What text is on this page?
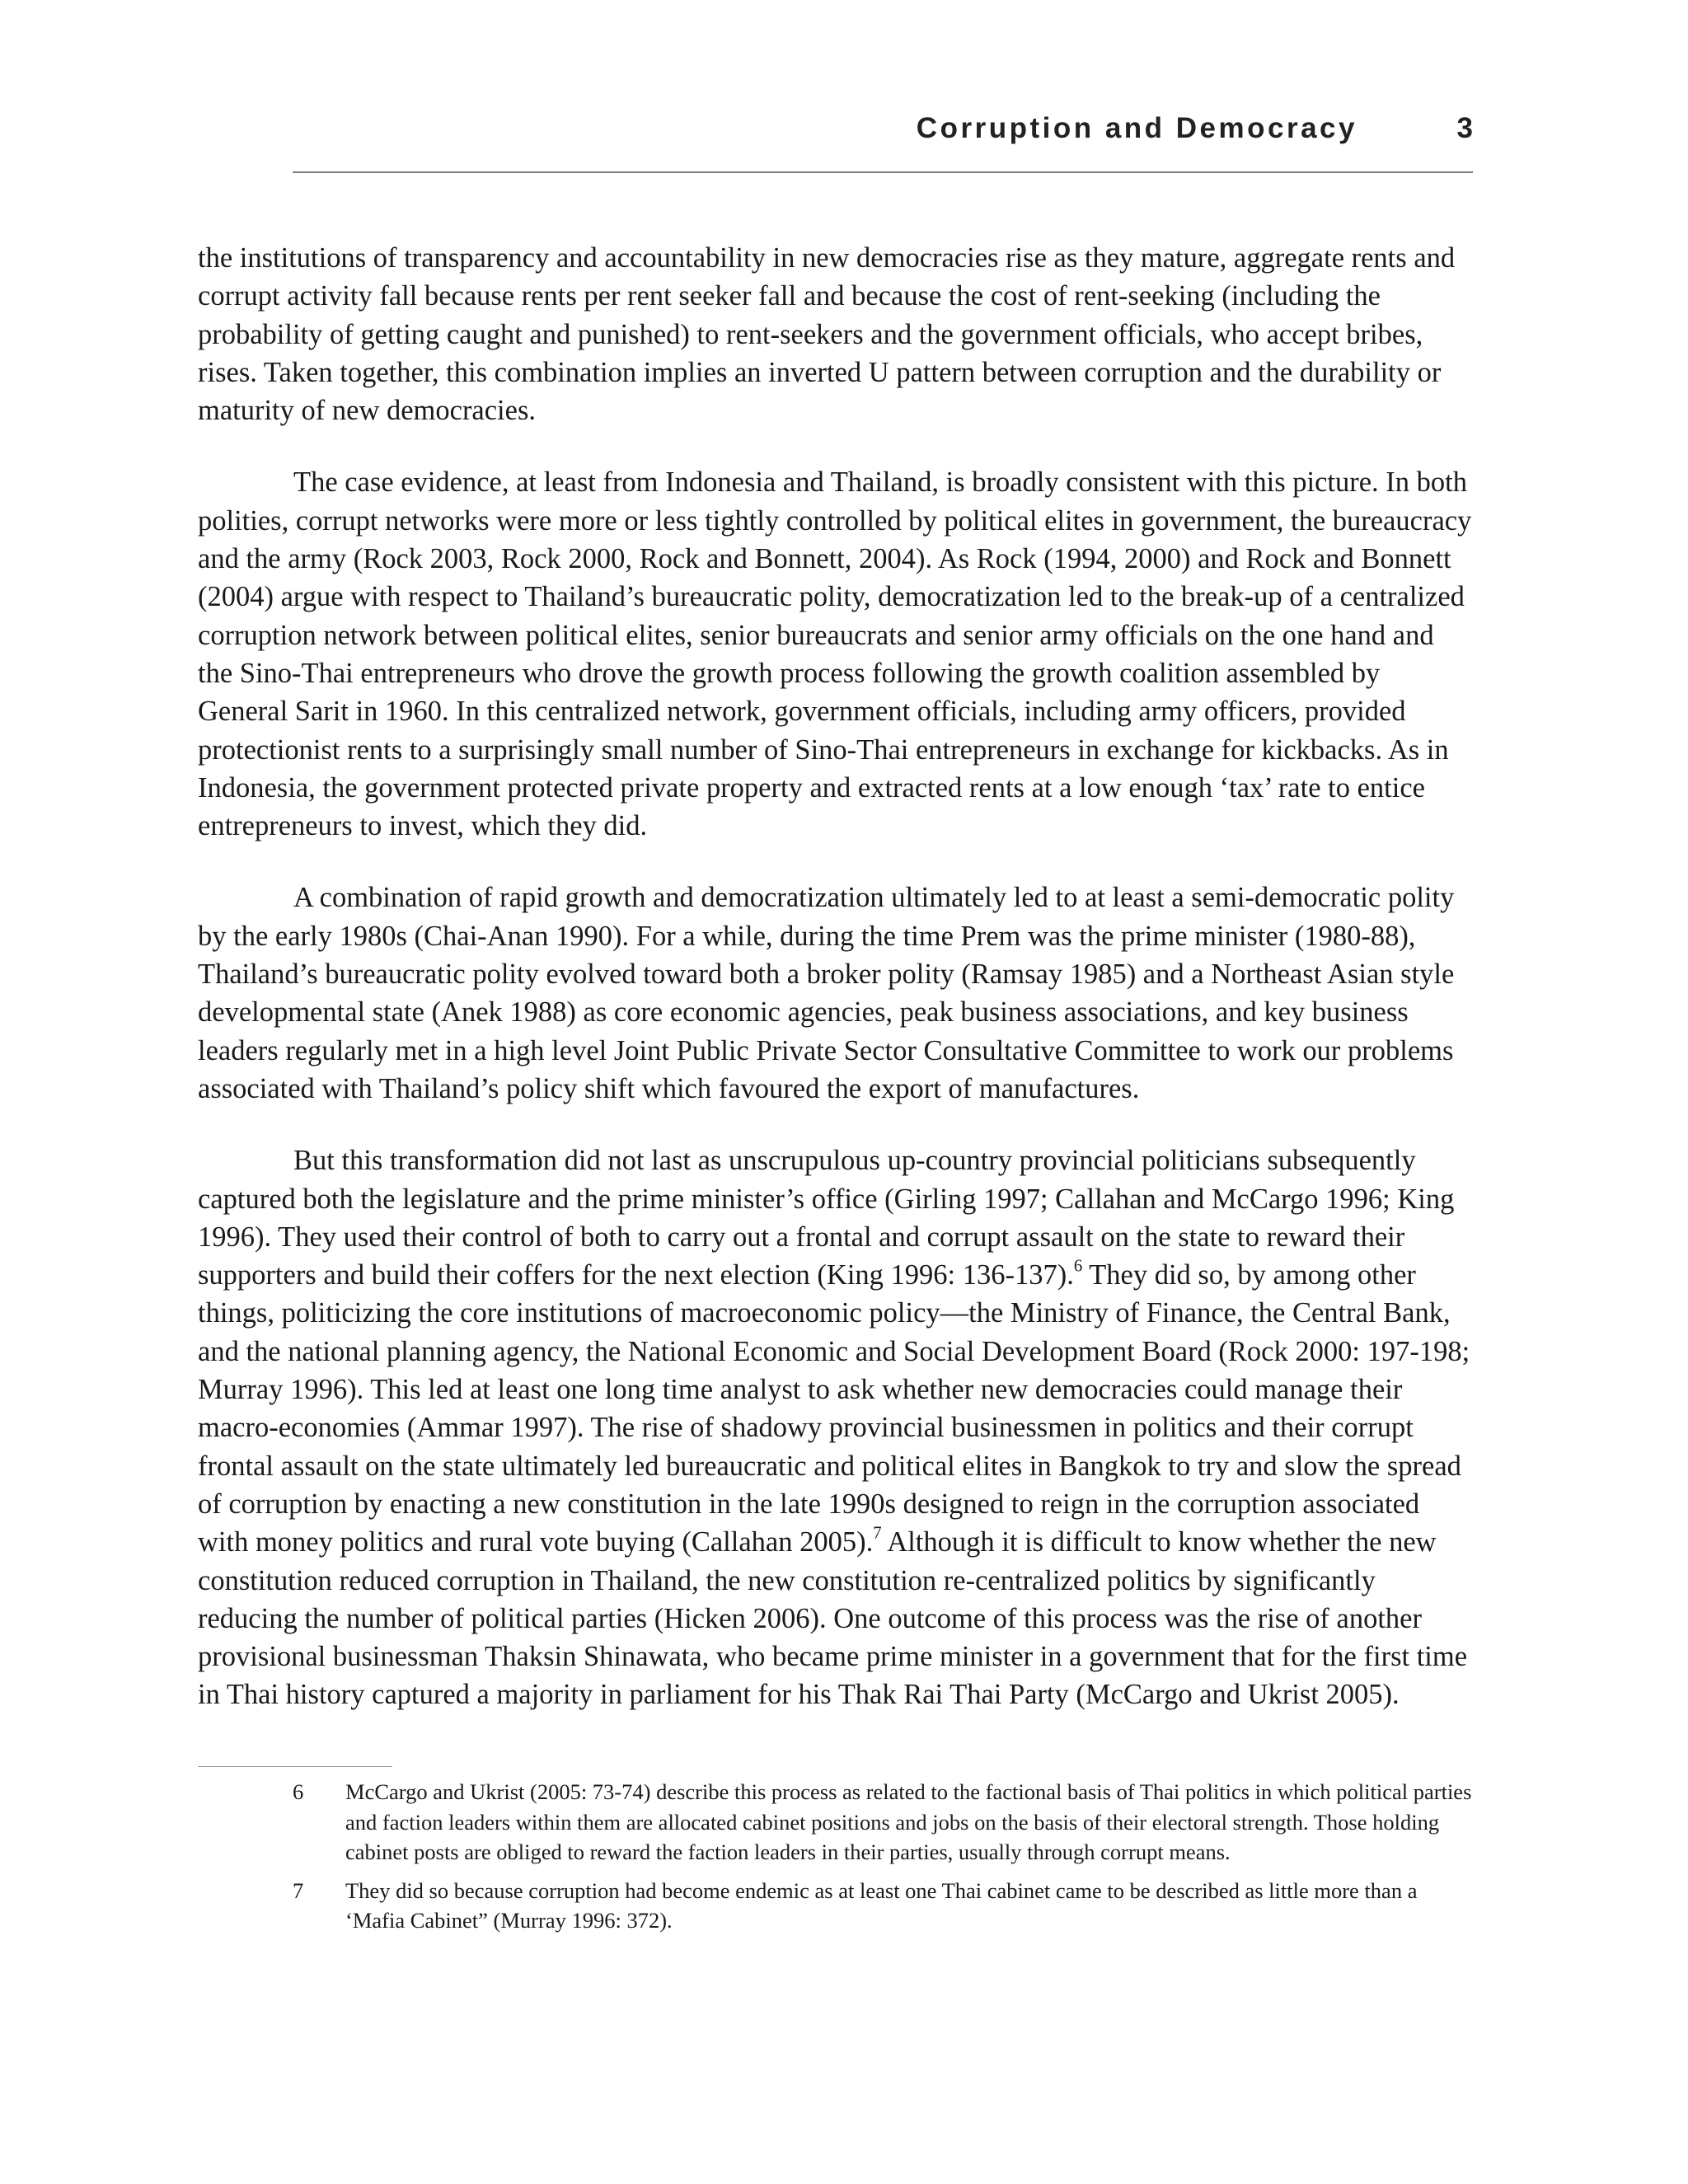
Corruption and Democracy	3

the institutions of transparency and accountability in new democracies rise as they mature, aggregate rents and corrupt activity fall because rents per rent seeker fall and because the cost of rent-seeking (including the probability of getting caught and punished) to rent-seekers and the government officials, who accept bribes, rises. Taken together, this combination implies an inverted U pattern between corruption and the durability or maturity of new democracies.

The case evidence, at least from Indonesia and Thailand, is broadly consistent with this picture. In both polities, corrupt networks were more or less tightly controlled by political elites in government, the bureaucracy and the army (Rock 2003, Rock 2000, Rock and Bonnett, 2004). As Rock (1994, 2000) and Rock and Bonnett (2004) argue with respect to Thailand’s bureaucratic polity, democratization led to the break-up of a centralized corruption network between political elites, senior bureaucrats and senior army officials on the one hand and the Sino-Thai entrepreneurs who drove the growth process following the growth coalition assembled by General Sarit in 1960. In this centralized network, government officials, including army officers, provided protectionist rents to a surprisingly small number of Sino-Thai entrepreneurs in exchange for kickbacks. As in Indonesia, the government protected private property and extracted rents at a low enough ‘tax’ rate to entice entrepreneurs to invest, which they did.

A combination of rapid growth and democratization ultimately led to at least a semi-democratic polity by the early 1980s (Chai-Anan 1990). For a while, during the time Prem was the prime minister (1980-88), Thailand’s bureaucratic polity evolved toward both a broker polity (Ramsay 1985) and a Northeast Asian style developmental state (Anek 1988) as core economic agencies, peak business associations, and key business leaders regularly met in a high level Joint Public Private Sector Consultative Committee to work our problems associated with Thailand’s policy shift which favoured the export of manufactures.

But this transformation did not last as unscrupulous up-country provincial politicians subsequently captured both the legislature and the prime minister’s office (Girling 1997; Callahan and McCargo 1996; King 1996). They used their control of both to carry out a frontal and corrupt assault on the state to reward their supporters and build their coffers for the next election (King 1996: 136-137).$^6$ They did so, by among other things, politicizing the core institutions of macroeconomic policy—the Ministry of Finance, the Central Bank, and the national planning agency, the National Economic and Social Development Board (Rock 2000: 197-198; Murray 1996). This led at least one long time analyst to ask whether new democracies could manage their macro-economies (Ammar 1997). The rise of shadowy provincial businessmen in politics and their corrupt frontal assault on the state ultimately led bureaucratic and political elites in Bangkok to try and slow the spread of corruption by enacting a new constitution in the late 1990s designed to reign in the corruption associated with money politics and rural vote buying (Callahan 2005).$^7$ Although it is difficult to know whether the new constitution reduced corruption in Thailand, the new constitution re-centralized politics by significantly reducing the number of political parties (Hicken 2006). One outcome of this process was the rise of another provisional businessman Thaksin Shinawata, who became prime minister in a government that for the first time in Thai history captured a majority in parliament for his Thak Rai Thai Party (McCargo and Ukrist 2005).

6	McCargo and Ukrist (2005: 73-74) describe this process as related to the factional basis of Thai politics in which political parties and faction leaders within them are allocated cabinet positions and jobs on the basis of their electoral strength. Those holding cabinet posts are obliged to reward the faction leaders in their parties, usually through corrupt means.
7	They did so because corruption had become endemic as at least one Thai cabinet came to be described as little more than a ‘Mafia Cabinet” (Murray 1996: 372).
